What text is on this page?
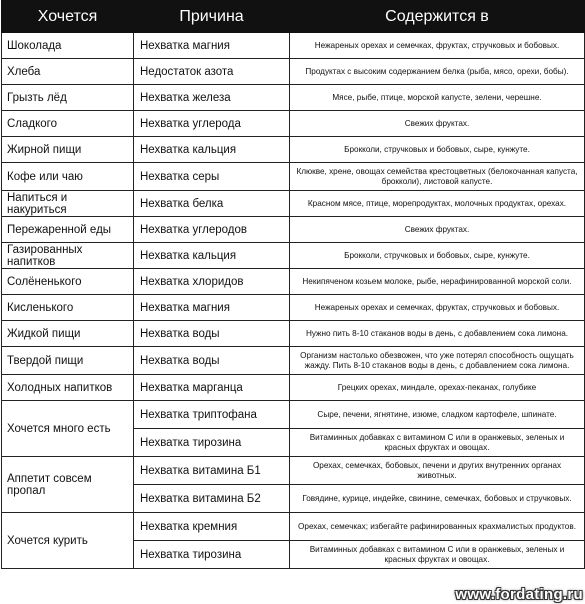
Хочется	Причина	Содержится в
Шоколада	Нехватка магния	Нежареных орехах и семечках, фруктах, стручковых и бобовых.
Хлеба	Недостаток азота	Продуктах с высоким содержанием белка (рыба, мясо, орехи, бобы).
Грызть лёд	Нехватка железа	Мясе, рыбе, птице, морской капусте, зелени, черешне.
Сладкого	Нехватка углерода	Свежих фруктах.
Жирной пищи	Нехватка кальция	Брокколи, стручковых и бобовых, сыре, кунжуте.
Кофе или чаю	Нехватка серы	Клюкве, хрене, овощах семейства крестоцветных (белокочанная капуста, брокколи), листовой капусте.
Напиться и накуриться	Нехватка белка	Красном мясе, птице, морепродуктах, молочных продуктах, орехах.
Пережаренной еды	Нехватка углеродов	Свежих фруктах.
Газированных напитков	Нехватка кальция	Брокколи, стручковых и бобовых, сыре, кунжуте.
Солёненького	Нехватка хлоридов	Некипяченом козьем молоке, рыбе, нерафинированной морской соли.
Кисленького	Нехватка магния	Нежареных орехах и семечках, фруктах, стручковых и бобовых.
Жидкой пищи	Нехватка воды	Нужно пить 8-10 стаканов воды в день, с добавлением сока лимона.
Твердой пищи	Нехватка воды	Организм настолько обезвожен, что уже потерял способность ощущать жажду. Пить 8-10 стаканов воды в день, с добавлением сока лимона.
Холодных напитков	Нехватка марганца	Грецких орехах, миндале, орехах-пеканах, голубике
Хочется много есть	Нехватка триптофана	Сыре, печени, ягнятине, изюме, сладком картофеле, шпинате.
	Нехватка тирозина	Витаминных добавках с витамином С или в оранжевых, зеленых и красных фруктах и овощах.
Аппетит совсем пропал	Нехватка витамина Б1	Орехах, семечках, бобовых, печени и других внутренних органах животных.
	Нехватка витамина Б2	Говядине, курице, индейке, свинине, семечках, бобовых и стручковых.
Хочется курить	Нехватка кремния	Орехах, семечках; избегайте рафинированных крахмалистых продуктов.
	Нехватка тирозина	Витаминных добавках с витамином С или в оранжевых, зеленых и красных фруктах и овощах.
www.fordating.ru
